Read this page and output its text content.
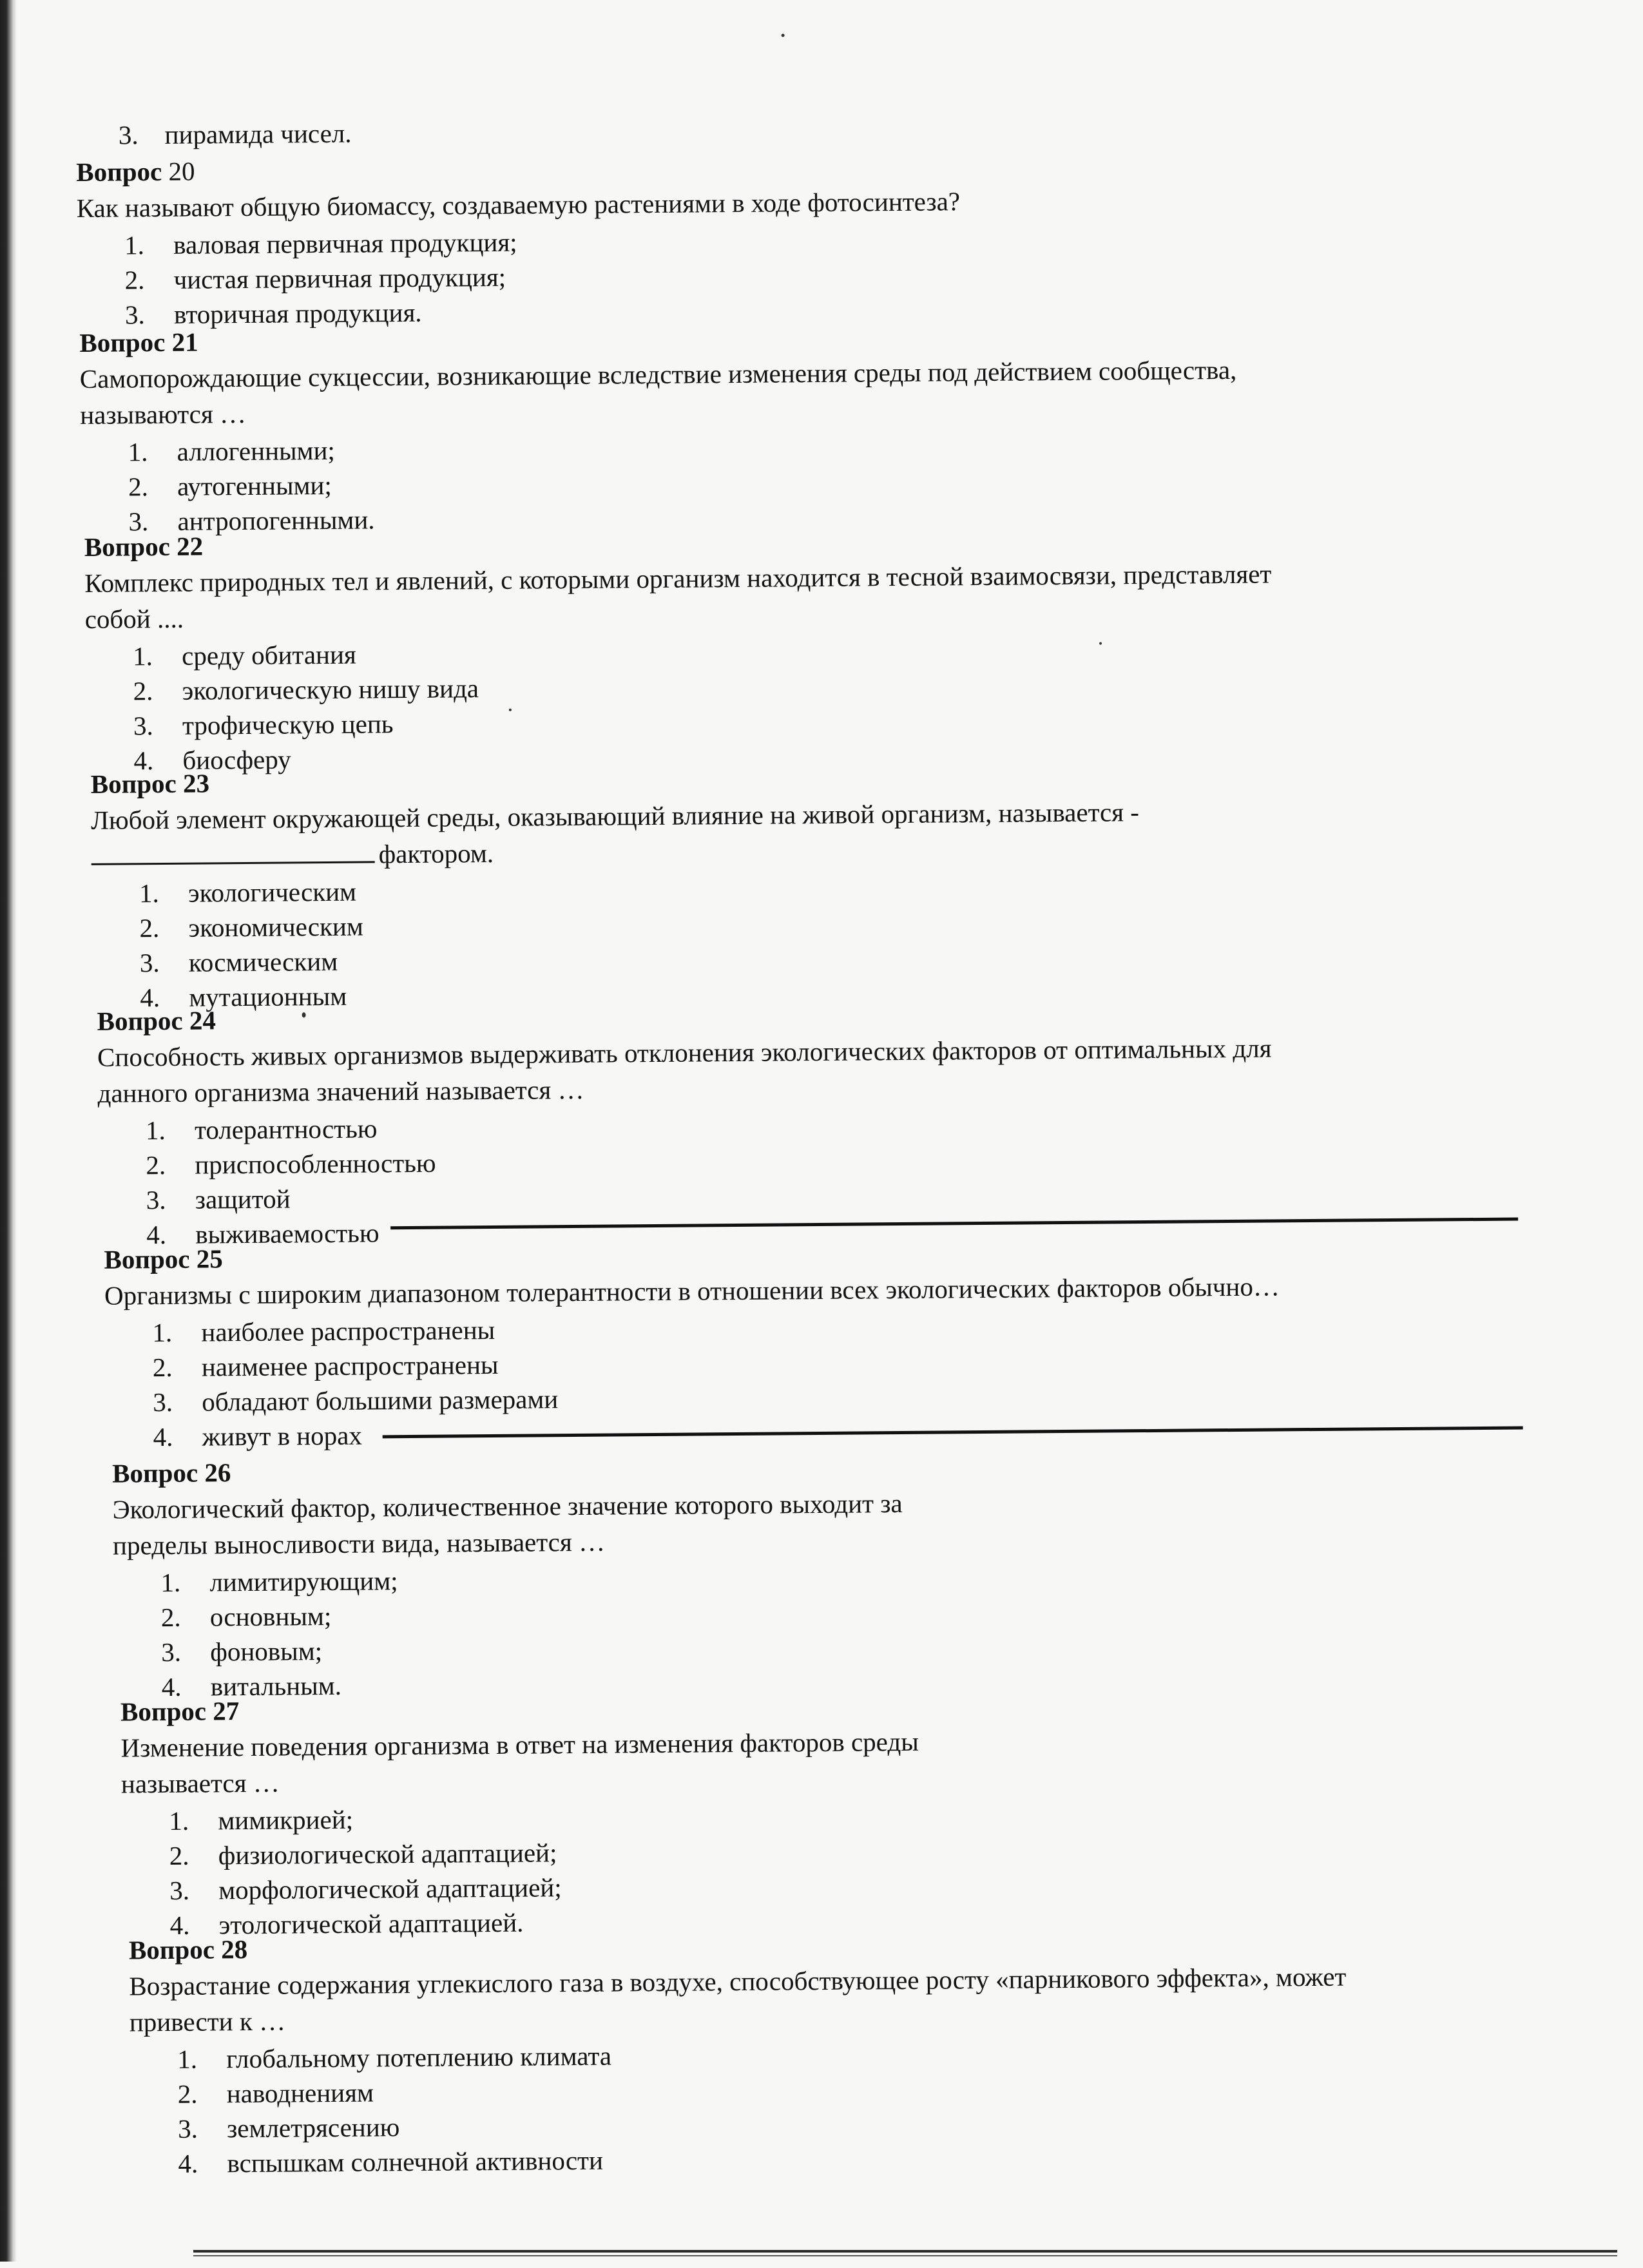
3. пирамида чисел.
Вопрос 20

Как называют общую биомассу, создаваемую растениями в ходе фотосинтеза?

1.	валовая первичная продукция;
2.	чистая первичная продукция;
3.	вторичная продукция.
Вопрос 21

Самопорождающие сукцессии, возникающие вследствие изменения среды под действием сообщества,

называются …

1.	аллогенными;
2.	аутогенными;
3.	антропогенными.
Вопрос 22

Комплекс природных тел и явлений, с которыми организм находится в тесной взаимосвязи, представляет

собой ....

1.	среду обитания
2.	экологическую нишу вида
3.	трофическую цепь
4.	биосферу
Вопрос 23

Любой элемент окружающей среды, оказывающий влияние на живой организм, называется -

фактором.

1.	экологическим
2.	экономическим
3.	космическим
4.	мутационным
Вопрос 24

Способность живых организмов выдерживать отклонения экологических факторов от оптимальных для

данного организма значений называется …

1.	толерантностью
2.	приспособленностью
3.	защитой
4.	выживаемостью
Вопрос 25

Организмы с широким диапазоном толерантности в отношении всех экологических факторов обычно…

1.	наиболее распространены
2.	наименее распространены
3.	обладают большими размерами
4.	живут в норах
Вопрос 26

Экологический фактор, количественное значение которого выходит за

пределы выносливости вида, называется …

1.	лимитирующим;
2.	основным;
3.	фоновым;
4.	витальным.
Вопрос 27

Изменение поведения организма в ответ на изменения факторов среды

называется …

1.	мимикрией;
2.	физиологической адаптацией;
3.	морфологической адаптацией;
4.	этологической адаптацией.
Вопрос 28

Возрастание содержания углекислого газа в воздухе, способствующее росту «парникового эффекта», может

привести к …

1.	глобальному потеплению климата
2.	наводнениям
3.	землетрясению
4.	вспышкам солнечной активности
